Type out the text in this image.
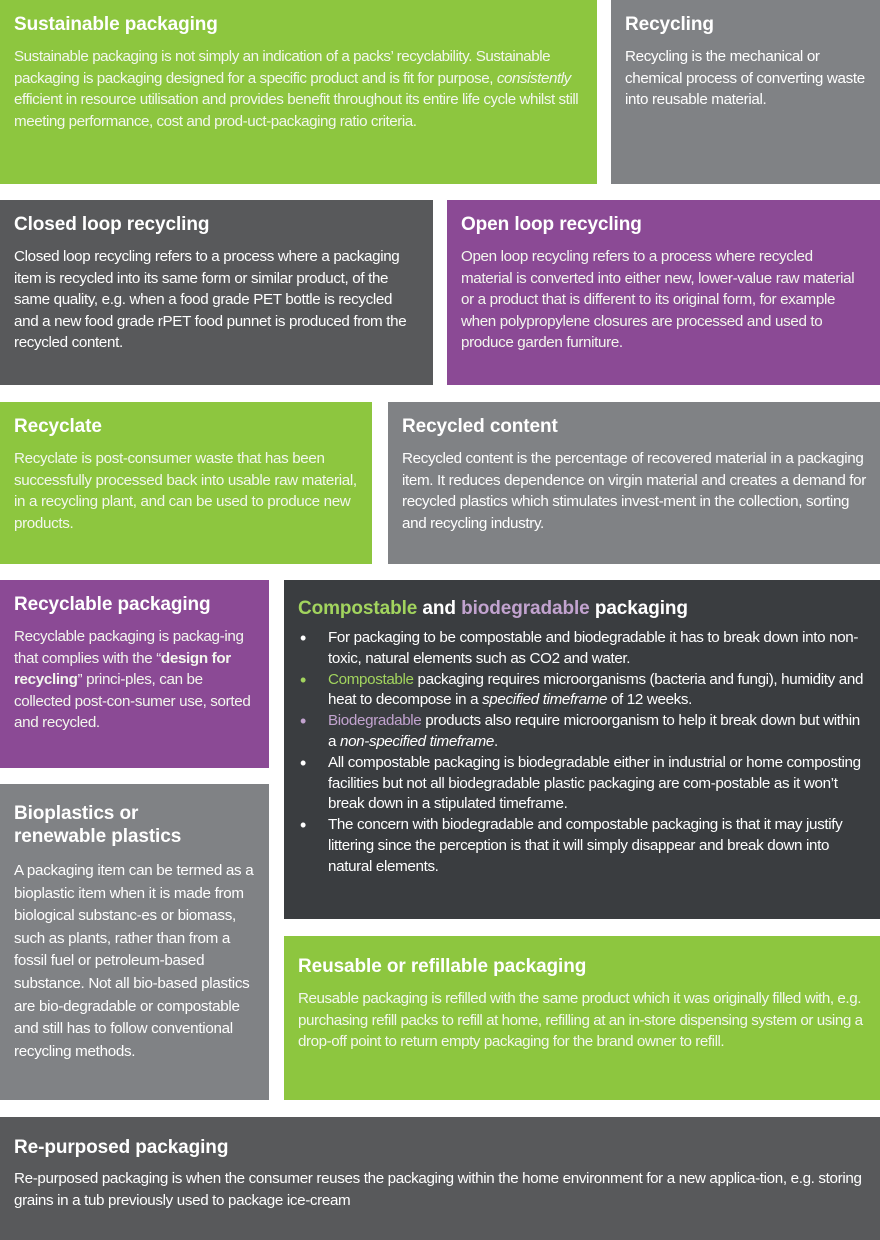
Sustainable packaging

Sustainable packaging is not simply an indication of a packs’ recyclability. Sustainable packaging is packaging designed for a specific product and is fit for purpose, consistently efficient in resource utilisation and provides benefit throughout its entire life cycle whilst still meeting performance, cost and prod-uct-packaging ratio criteria.

Recycling

Recycling is the mechanical or chemical process of converting waste into reusable material.

Closed loop recycling

Closed loop recycling refers to a process where a packaging item is recycled into its same form or similar product, of the same quality, e.g. when a food grade PET bottle is recycled and a new food grade rPET food punnet is produced from the recycled content.

Open loop recycling

Open loop recycling refers to a process where recycled material is converted into either new, lower-value raw material or a product that is different to its original form, for example when polypropylene closures are processed and used to produce garden furniture.

Recyclate

Recyclate is post-consumer waste that has been successfully processed back into usable raw material, in a recycling plant, and can be used to produce new products.

Recycled content

Recycled content is the percentage of recovered material in a packaging item. It reduces dependence on virgin material and creates a demand for recycled plastics which stimulates invest-ment in the collection, sorting and recycling industry.

Recyclable packaging

Recyclable packaging is packag-ing that complies with the “design for recycling” princi-ples, can be collected post-con-sumer use, sorted and recycled.

Bioplastics or
renewable plastics

A packaging item can be termed as a bioplastic item when it is made from biological substanc-es or biomass, such as plants, rather than from a fossil fuel or petroleum-based substance. Not all bio-based plastics are bio-degradable or compostable and still has to follow conventional recycling methods.

Compostable and biodegradable packaging
• For packaging to be compostable and biodegradable it has to break down into non-toxic, natural elements such as CO2 and water.
• Compostable packaging requires microorganisms (bacteria and fungi), humidity and heat to decompose in a specified timeframe of 12 weeks.
• Biodegradable products also require microorganism to help it break down but within a non-specified timeframe.
• All compostable packaging is biodegradable either in industrial or home composting facilities but not all biodegradable plastic packaging are com-postable as it won’t break down in a stipulated timeframe.
• The concern with biodegradable and compostable packaging is that it may justify littering since the perception is that it will simply disappear and break down into natural elements.
Reusable or refillable packaging

Reusable packaging is refilled with the same product which it was originally filled with, e.g. purchasing refill packs to refill at home, refilling at an in-store dispensing system or using a drop-off point to return empty packaging for the brand owner to refill.

Re-purposed packaging

Re-purposed packaging is when the consumer reuses the packaging within the home environment for a new applica-tion, e.g. storing grains in a tub previously used to package ice-cream
